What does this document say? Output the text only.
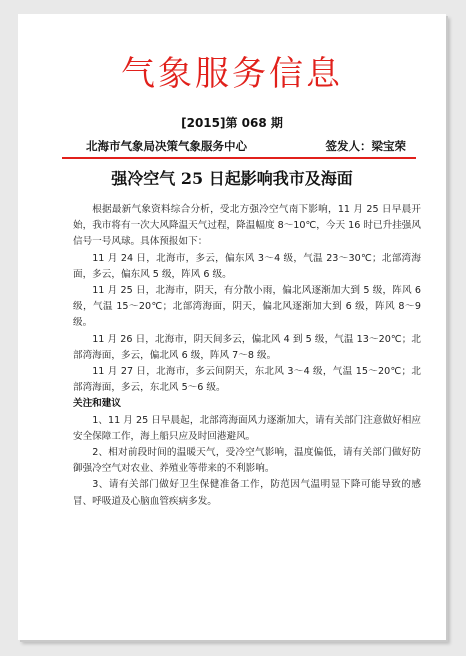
气象服务信息
[2015]第 068 期
北海市气象局决策气象服务中心	签发人：梁宝荣
强冷空气 25 日起影响我市及海面

根据最新气象资料综合分析，受北方强冷空气南下影响，11 月 25 日早晨开始，我市将有一次大风降温天气过程，降温幅度 8～10℃，今天 16 时已升挂强风信号一号风球。具体预报如下：

11 月 24 日，北海市，多云，偏东风 3～4 级，气温 23～30℃；北部湾海面，多云，偏东风 5 级，阵风 6 级。

11 月 25 日，北海市，阴天，有分散小雨，偏北风逐渐加大到 5 级，阵风 6 级，气温 15～20℃；北部湾海面，阴天，偏北风逐渐加大到 6 级，阵风 8～9 级。

11 月 26 日，北海市，阴天间多云，偏北风 4 到 5 级，气温 13～20℃；北部湾海面，多云，偏北风 6 级，阵风 7～8 级。

11 月 27 日，北海市，多云间阴天，东北风 3～4 级，气温 15～20℃；北部湾海面，多云，东北风 5～6 级。

关注和建议

1、11 月 25 日早晨起，北部湾海面风力逐渐加大，请有关部门注意做好相应安全保障工作，海上船只应及时回港避风。

2、相对前段时间的温暖天气，受冷空气影响，温度偏低，请有关部门做好防御强冷空气对农业、养殖业等带来的不利影响。

3、请有关部门做好卫生保健准备工作，防范因气温明显下降可能导致的感冒、呼吸道及心脑血管疾病多发。
